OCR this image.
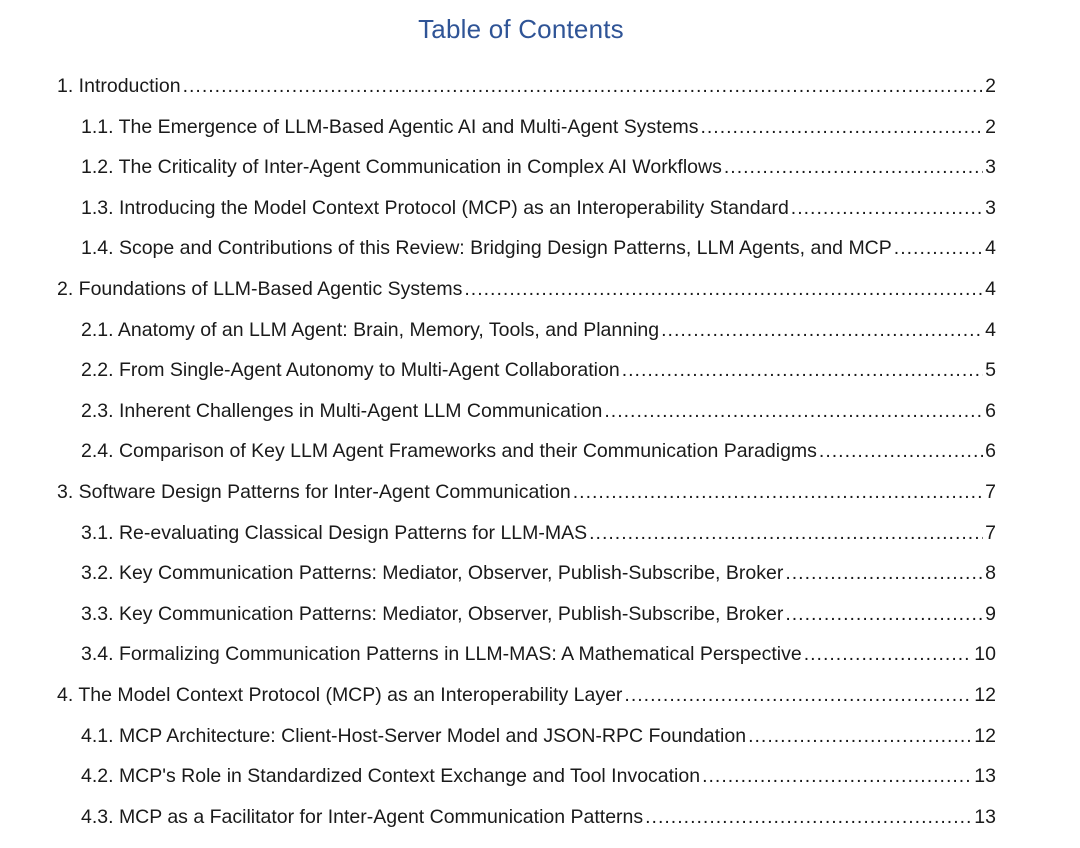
Table of Contents
1. Introduction .....	2
1.1. The Emergence of LLM-Based Agentic AI and Multi-Agent Systems .....	2
1.2. The Criticality of Inter-Agent Communication in Complex AI Workflows .....	3
1.3. Introducing the Model Context Protocol (MCP) as an Interoperability Standard .....	3
1.4. Scope and Contributions of this Review: Bridging Design Patterns, LLM Agents, and MCP .....	4
2. Foundations of LLM-Based Agentic Systems .....	4
2.1. Anatomy of an LLM Agent: Brain, Memory, Tools, and Planning .....	4
2.2. From Single-Agent Autonomy to Multi-Agent Collaboration .....	5
2.3. Inherent Challenges in Multi-Agent LLM Communication .....	6
2.4. Comparison of Key LLM Agent Frameworks and their Communication Paradigms .....	6
3. Software Design Patterns for Inter-Agent Communication .....	7
3.1. Re-evaluating Classical Design Patterns for LLM-MAS .....	7
3.2. Key Communication Patterns: Mediator, Observer, Publish-Subscribe, Broker .....	8
3.3. Key Communication Patterns: Mediator, Observer, Publish-Subscribe, Broker .....	9
3.4. Formalizing Communication Patterns in LLM-MAS: A Mathematical Perspective .....	10
4. The Model Context Protocol (MCP) as an Interoperability Layer .....	12
4.1. MCP Architecture: Client-Host-Server Model and JSON-RPC Foundation .....	12
4.2. MCP's Role in Standardized Context Exchange and Tool Invocation .....	13
4.3. MCP as a Facilitator for Inter-Agent Communication Patterns .....	13
